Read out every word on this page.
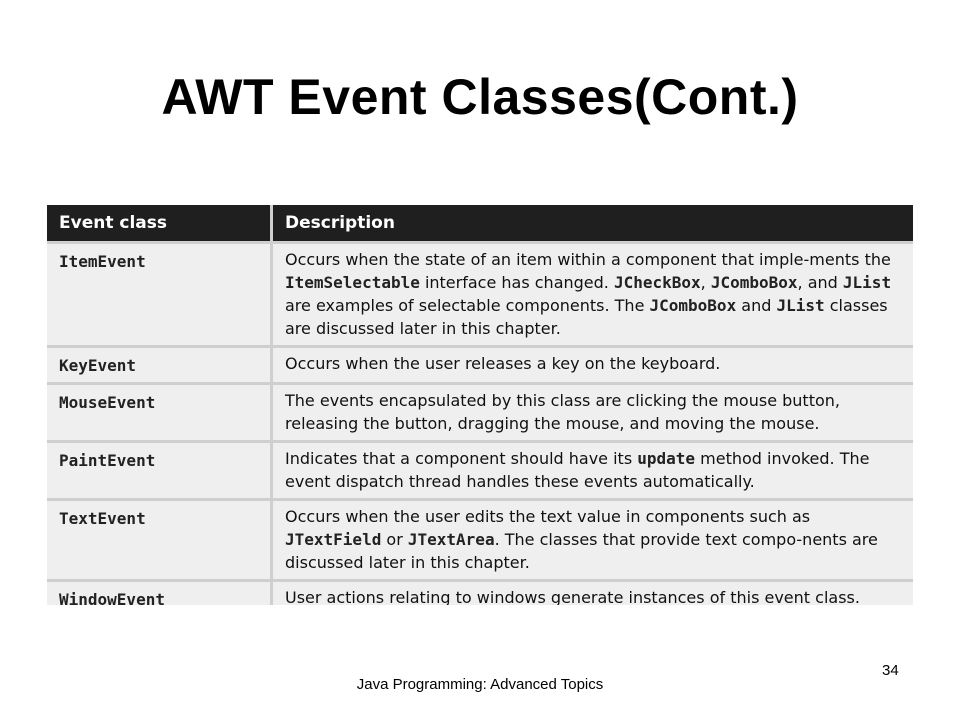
AWT Event Classes(Cont.)
Event class	Description
ItemEvent	Occurs when the state of an item within a component that imple-ments the ItemSelectable interface has changed. JCheckBox, JComboBox, and JList are examples of selectable components. The JComboBox and JList classes are discussed later in this chapter.
KeyEvent	Occurs when the user releases a key on the keyboard.
MouseEvent	The events encapsulated by this class are clicking the mouse button, releasing the button, dragging the mouse, and moving the mouse.
PaintEvent	Indicates that a component should have its update method invoked. The event dispatch thread handles these events automatically.
TextEvent	Occurs when the user edits the text value in components such as JTextField or JTextArea. The classes that provide text compo-nents are discussed later in this chapter.
WindowEvent	User actions relating to windows generate instances of this event class.
Java Programming: Advanced Topics
34
